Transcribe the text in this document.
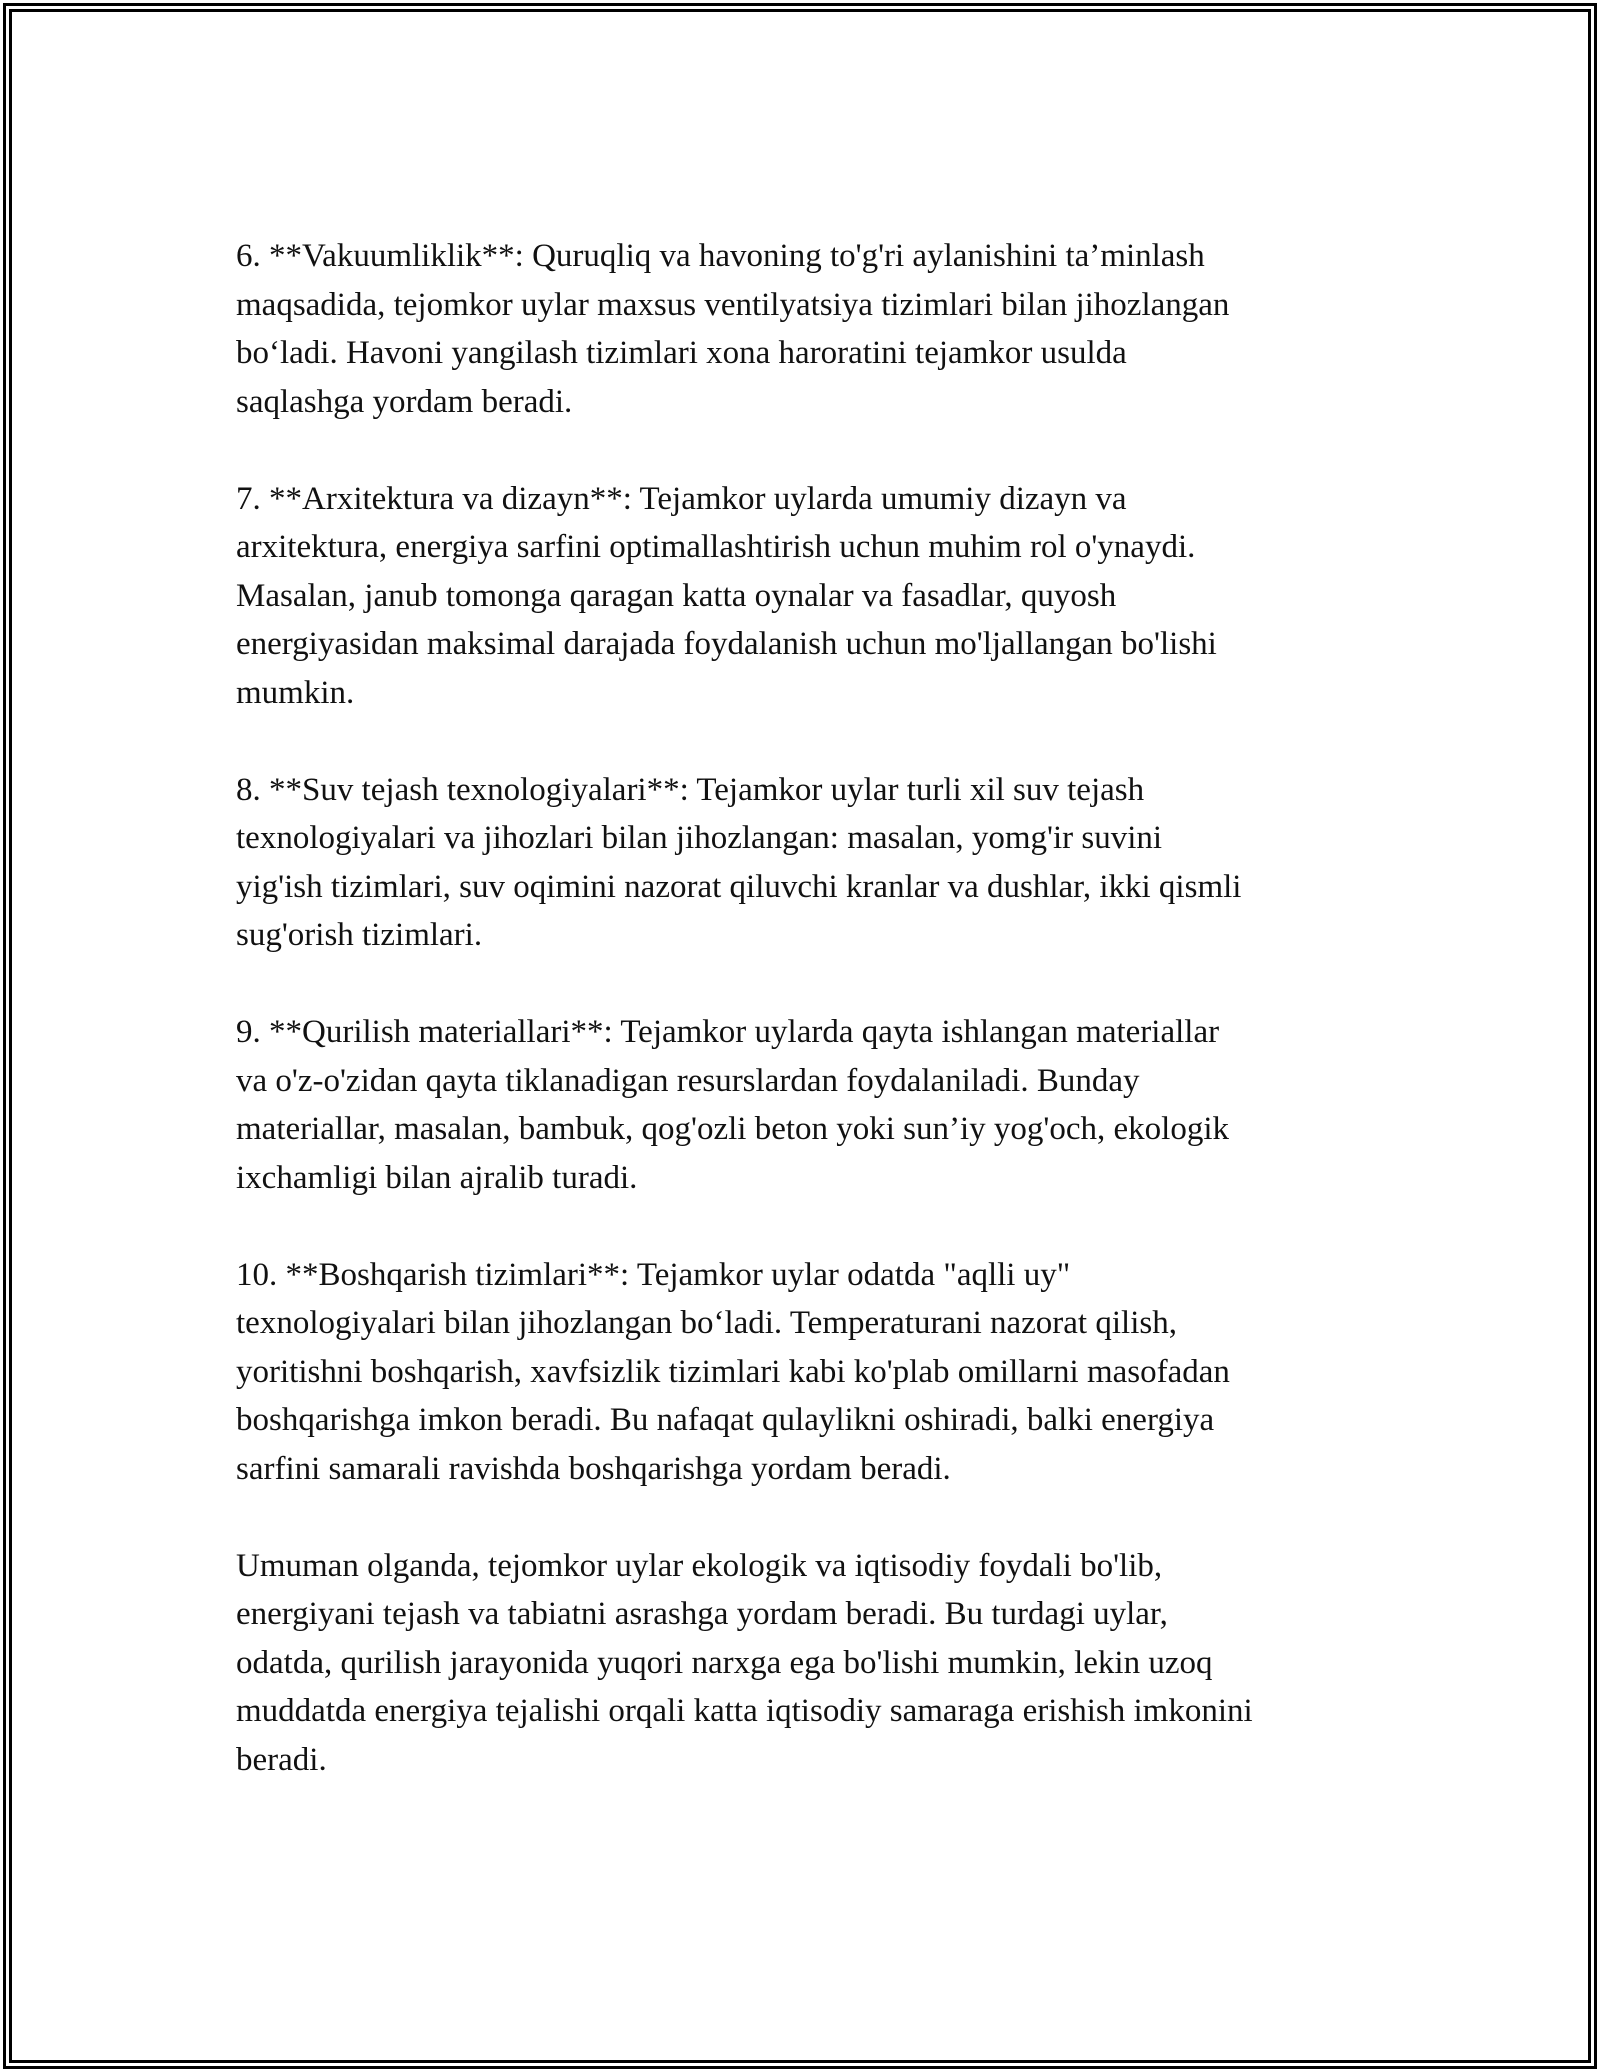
6. **Vakuumliklik**: Quruqliq va havoning to'g'ri aylanishini ta’minlash
maqsadida, tejomkor uylar maxsus ventilyatsiya tizimlari bilan jihozlangan
bo‘ladi. Havoni yangilash tizimlari xona haroratini tejamkor usulda
saqlashga yordam beradi.

7. **Arxitektura va dizayn**: Tejamkor uylarda umumiy dizayn va
arxitektura, energiya sarfini optimallashtirish uchun muhim rol o'ynaydi.
Masalan, janub tomonga qaragan katta oynalar va fasadlar, quyosh
energiyasidan maksimal darajada foydalanish uchun mo'ljallangan bo'lishi
mumkin.

8. **Suv tejash texnologiyalari**: Tejamkor uylar turli xil suv tejash
texnologiyalari va jihozlari bilan jihozlangan: masalan, yomg'ir suvini
yig'ish tizimlari, suv oqimini nazorat qiluvchi kranlar va dushlar, ikki qismli
sug'orish tizimlari.

9. **Qurilish materiallari**: Tejamkor uylarda qayta ishlangan materiallar
va o'z-o'zidan qayta tiklanadigan resurslardan foydalaniladi. Bunday
materiallar, masalan, bambuk, qog'ozli beton yoki sun’iy yog'och, ekologik
ixchamligi bilan ajralib turadi.

10. **Boshqarish tizimlari**: Tejamkor uylar odatda "aqlli uy"
texnologiyalari bilan jihozlangan bo‘ladi. Temperaturani nazorat qilish,
yoritishni boshqarish, xavfsizlik tizimlari kabi ko'plab omillarni masofadan
boshqarishga imkon beradi. Bu nafaqat qulaylikni oshiradi, balki energiya
sarfini samarali ravishda boshqarishga yordam beradi.

Umuman olganda, tejomkor uylar ekologik va iqtisodiy foydali bo'lib,
energiyani tejash va tabiatni asrashga yordam beradi. Bu turdagi uylar,
odatda, qurilish jarayonida yuqori narxga ega bo'lishi mumkin, lekin uzoq
muddatda energiya tejalishi orqali katta iqtisodiy samaraga erishish imkonini
beradi.
